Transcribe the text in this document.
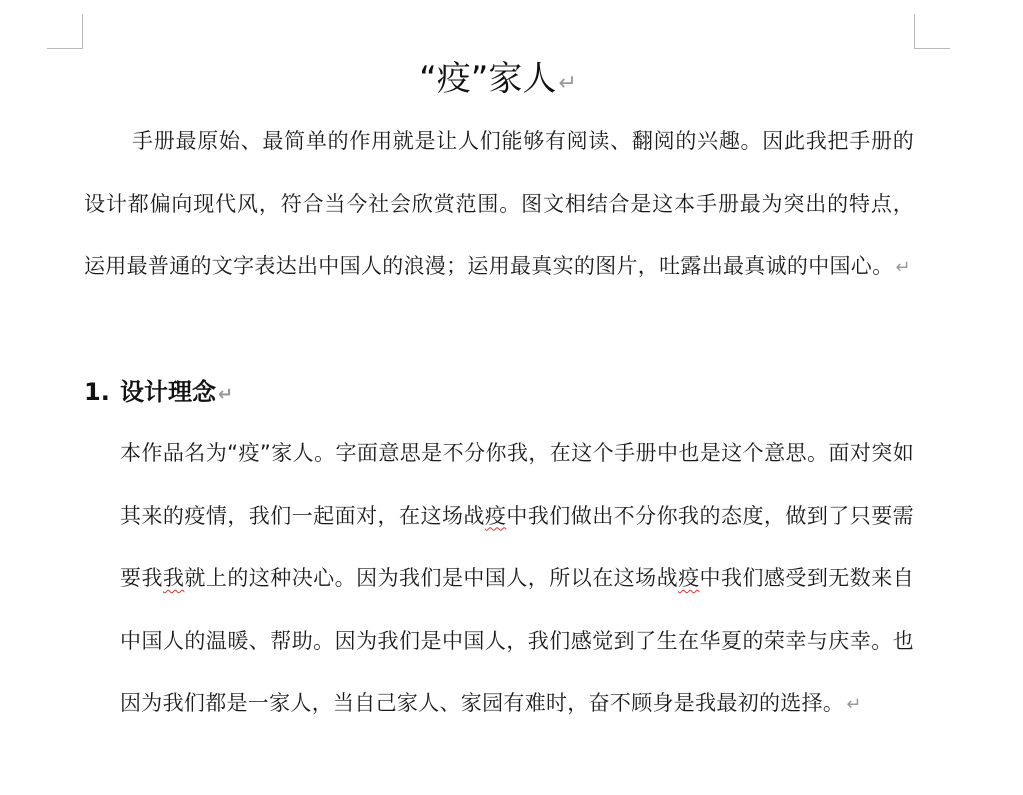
“疫”家人↵

手册最原始、最简单的作用就是让人们能够有阅读、翻阅的兴趣。因此我把手册的设计都偏向现代风，符合当今社会欣赏范围。图文相结合是这本手册最为突出的特点，运用最普通的文字表达出中国人的浪漫；运用最真实的图片，吐露出最真诚的中国心。 ↵

1. 设计理念 ↵

本作品名为“疫”家人。字面意思是不分你我，在这个手册中也是这个意思。面对突如其来的疫情，我们一起面对，在这场战疫中我们做出不分你我的态度，做到了只要需要我我就上的这种决心。因为我们是中国人，所以在这场战疫中我们感受到无数来自中国人的温暖、帮助。因为我们是中国人，我们感觉到了生在华夏的荣幸与庆幸。也因为我们都是一家人，当自己家人、家园有难时，奋不顾身是我最初的选择。 ↵
